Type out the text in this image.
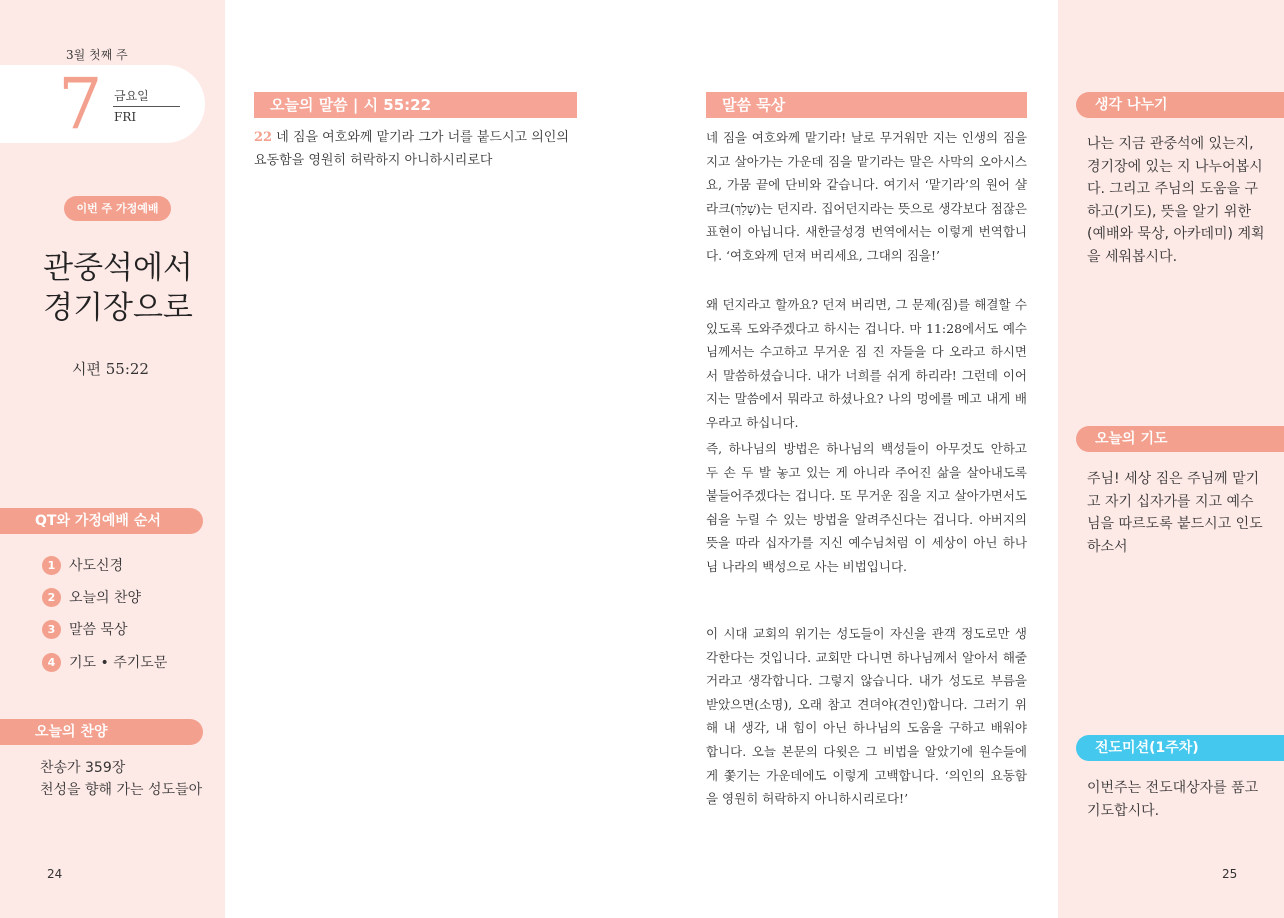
3월 첫째 주
7 금요일
FRI
이번 주 가정예배
관중석에서
경기장으로
시편 55:22
QT와 가정예배 순서
1 사도신경
2 오늘의 찬양
3 말씀 묵상
4 기도 • 주기도문
오늘의 찬양
찬송가 359장
천성을 향해 가는 성도들아
24
오늘의 말씀 | 시 55:22
22 네 짐을 여호와께 맡기라 그가 너를 붙드시고 의인의 요동함을 영원히 허락하지 아니하시리로다
말씀 묵상
네 짐을 여호와께 맡기라! 날로 무거워만 지는 인생의 짐을 지고 살아가는 가운데 짐을 맡기라는 말은 사막의 오아시스요, 가뭄 끝에 단비와 같습니다. 여기서 ‘맡기라’의 원어 샬라크(שָׁלַךְ)는 던지라. 집어던지라는 뜻으로 생각보다 점잖은 표현이 아닙니다. 새한글성경 번역에서는 이렇게 번역합니다. ‘여호와께 던져 버리세요, 그대의 짐을!’
왜 던지라고 할까요? 던져 버리면, 그 문제(짐)를 해결할 수 있도록 도와주겠다고 하시는 겁니다. 마 11:28에서도 예수님께서는 수고하고 무거운 짐 진 자들을 다 오라고 하시면서 말씀하셨습니다. 내가 너희를 쉬게 하리라! 그런데 이어지는 말씀에서 뭐라고 하셨나요? 나의 멍에를 메고 내게 배우라고 하십니다.
즉, 하나님의 방법은 하나님의 백성들이 아무것도 안하고 두 손 두 발 놓고 있는 게 아니라 주어진 삶을 살아내도록 붙들어주겠다는 겁니다. 또 무거운 짐을 지고 살아가면서도 쉼을 누릴 수 있는 방법을 알려주신다는 겁니다. 아버지의 뜻을 따라 십자가를 지신 예수님처럼 이 세상이 아닌 하나님 나라의 백성으로 사는 비법입니다.
이 시대 교회의 위기는 성도들이 자신을 관객 정도로만 생각한다는 것입니다. 교회만 다니면 하나님께서 알아서 해줄 거라고 생각합니다. 그렇지 않습니다. 내가 성도로 부름을 받았으면(소명), 오래 참고 견뎌야(견인)합니다. 그러기 위해 내 생각, 내 힘이 아닌 하나님의 도움을 구하고 배워야 합니다. 오늘 본문의 다윗은 그 비법을 알았기에 원수들에게 쫓기는 가운데에도 이렇게 고백합니다. ‘의인의 요동함을 영원히 허락하지 아니하시리로다!’
생각 나누기
나는 지금 관중석에 있는지, 경기장에 있는 지 나누어봅시다. 그리고 주님의 도움을 구하고(기도), 뜻을 알기 위한(예배와 묵상, 아카데미) 계획을 세워봅시다.
오늘의 기도
주님! 세상 짐은 주님께 맡기고 자기 십자가를 지고 예수님을 따르도록 붙드시고 인도하소서
전도미션(1주차)
이번주는 전도대상자를 품고 기도합시다.
25
